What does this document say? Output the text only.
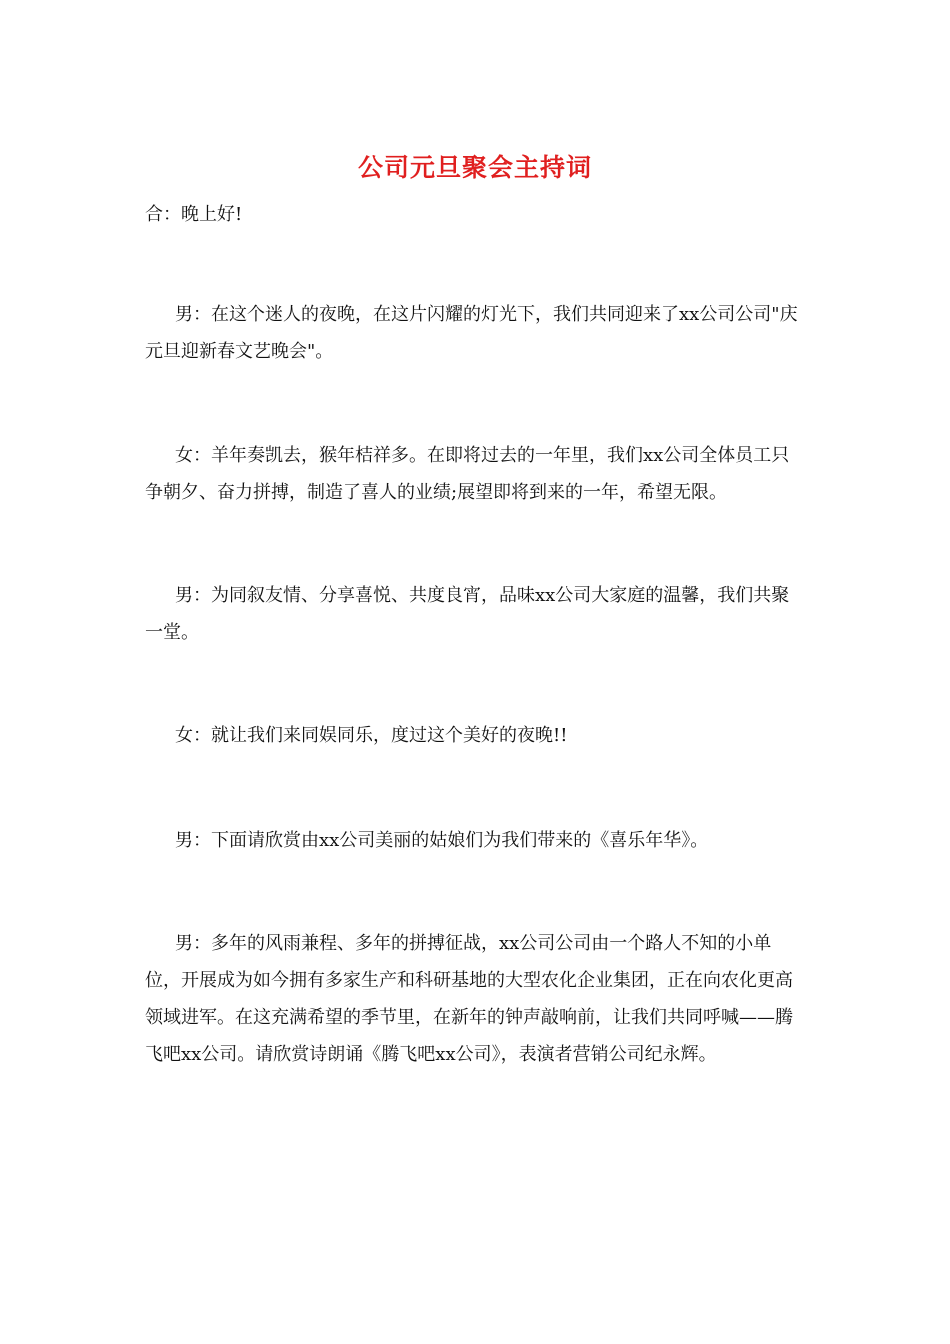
公司元旦聚会主持词

合：晚上好!

男：在这个迷人的夜晚，在这片闪耀的灯光下，我们共同迎来了xx公司公司"庆元旦迎新春文艺晚会"。

女：羊年奏凯去，猴年桔祥多。在即将过去的一年里，我们xx公司全体员工只争朝夕、奋力拼搏，制造了喜人的业绩;展望即将到来的一年，希望无限。

男：为同叙友情、分享喜悦、共度良宵，品味xx公司大家庭的温馨，我们共聚一堂。

女：就让我们来同娱同乐，度过这个美好的夜晚!!

男：下面请欣赏由xx公司美丽的姑娘们为我们带来的《喜乐年华》。

男：多年的风雨兼程、多年的拼搏征战，xx公司公司由一个路人不知的小单位，开展成为如今拥有多家生产和科研基地的大型农化企业集团，正在向农化更高领域进军。在这充满希望的季节里，在新年的钟声敲响前，让我们共同呼喊——腾飞吧xx公司。请欣赏诗朗诵《腾飞吧xx公司》，表演者营销公司纪永辉。
